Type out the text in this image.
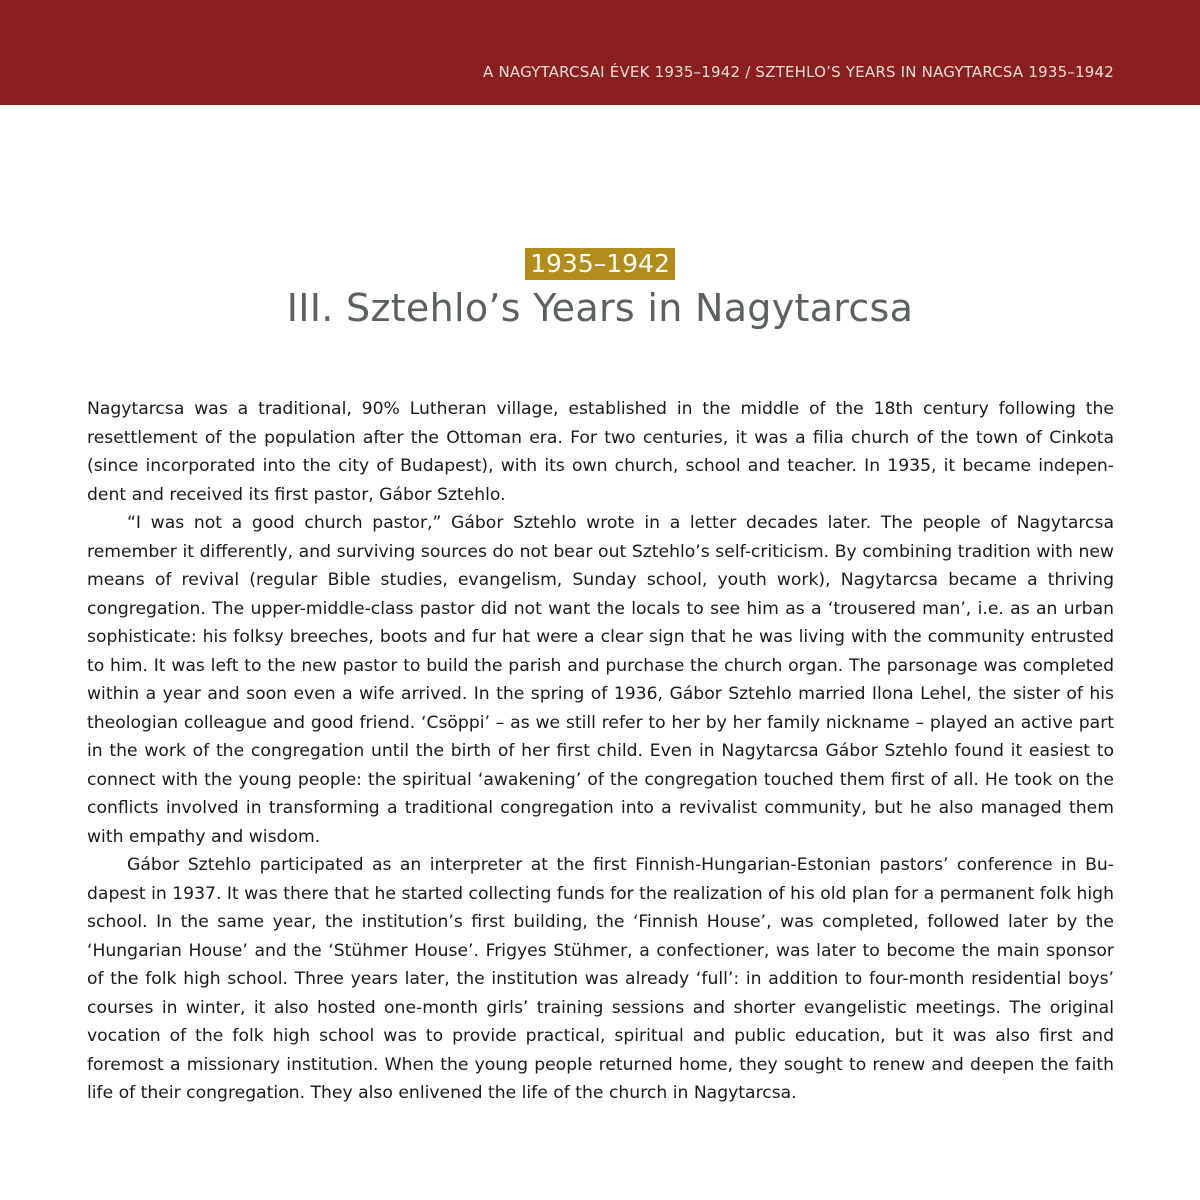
A NAGYTARCSAI ÉVEK 1935–1942 / SZTEHLO’S YEARS IN NAGYTARCSA 1935–1942
1935–1942
III. Sztehlo’s Years in Nagytarcsa

Nagytarcsa was a traditional, 90% Lutheran village, established in the middle of the 18th century following the resettlement of the population after the Ottoman era. For two centuries, it was a filia church of the town of Cinkota (since incorporated into the city of Budapest), with its own church, school and teacher. In 1935, it became independent and received its first pastor, Gábor Sztehlo.

“I was not a good church pastor,” Gábor Sztehlo wrote in a letter decades later. The people of Nagytarcsa remember it differently, and surviving sources do not bear out Sztehlo’s self-criticism. By combining tradition with new means of revival (regular Bible studies, evangelism, Sunday school, youth work), Nagytarcsa became a thriving congregation. The upper-middle-class pastor did not want the locals to see him as a ‘trousered man’, i.e. as an urban sophisticate: his folksy breeches, boots and fur hat were a clear sign that he was living with the community entrusted to him. It was left to the new pastor to build the parish and purchase the church organ. The parsonage was completed within a year and soon even a wife arrived. In the spring of 1936, Gábor Sztehlo married Ilona Lehel, the sister of his theologian colleague and good friend. ‘Csöppi’ – as we still refer to her by her family nickname – played an active part in the work of the congregation until the birth of her first child. Even in Nagytarcsa Gábor Sztehlo found it easiest to connect with the young people: the spiritual ‘awakening’ of the congregation touched them first of all. He took on the conflicts involved in transforming a traditional congregation into a revivalist community, but he also managed them with empathy and wisdom.

Gábor Sztehlo participated as an interpreter at the first Finnish-Hungarian-Estonian pastors’ conference in Budapest in 1937. It was there that he started collecting funds for the realization of his old plan for a permanent folk high school. In the same year, the institution’s first building, the ‘Finnish House’, was completed, followed later by the ‘Hungarian House’ and the ‘Stühmer House’. Frigyes Stühmer, a confectioner, was later to become the main sponsor of the folk high school. Three years later, the institution was already ‘full’: in addition to four-month residential boys’ courses in winter, it also hosted one-month girls’ training sessions and shorter evangelistic meetings. The original vocation of the folk high school was to provide practical, spiritual and public education, but it was also first and foremost a missionary institution. When the young people returned home, they sought to renew and deepen the faith life of their congregation. They also enlivened the life of the church in Nagytarcsa.
